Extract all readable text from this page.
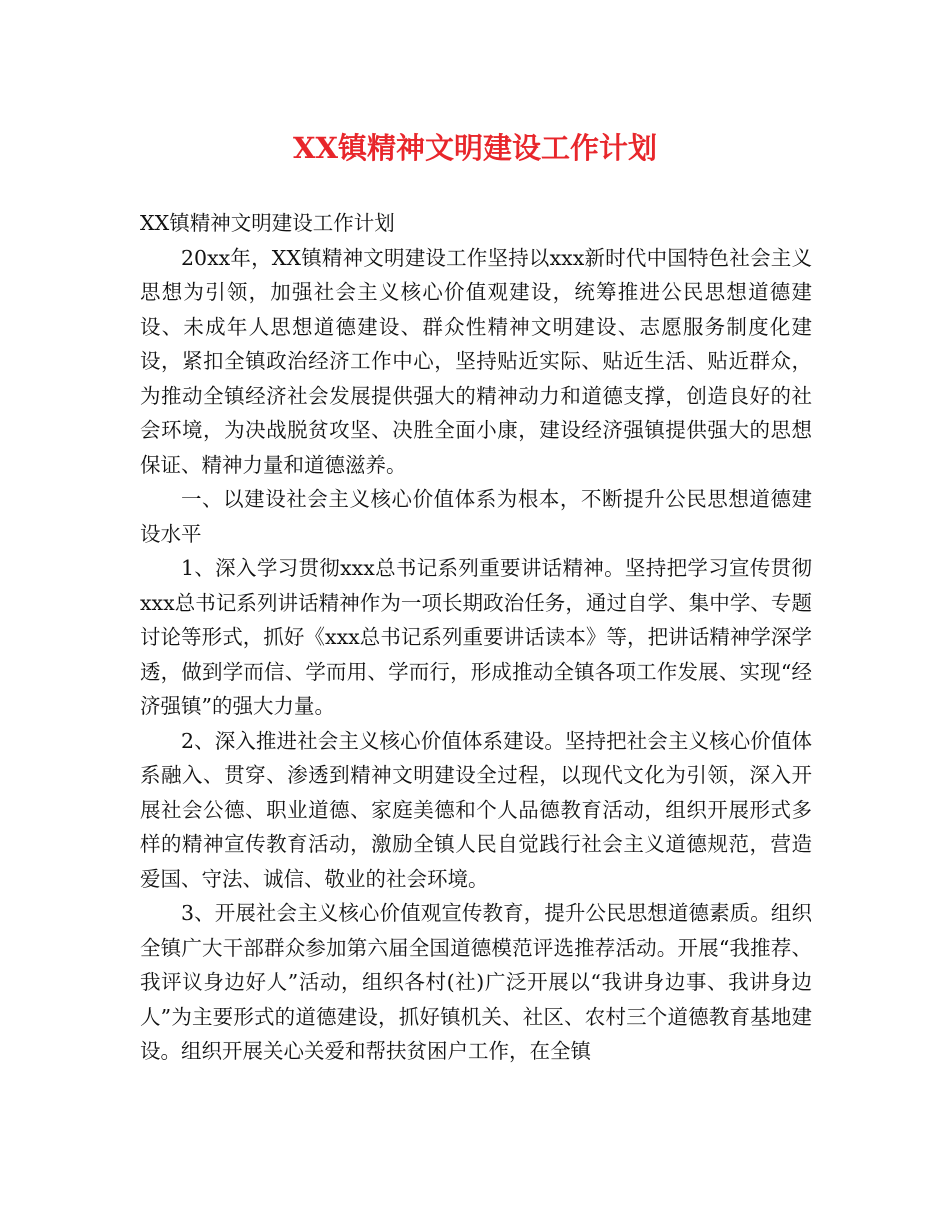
XX镇精神文明建设工作计划

XX镇精神文明建设工作计划

20xx年，XX镇精神文明建设工作坚持以xxx新时代中国特色社会主义思想为引领，加强社会主义核心价值观建设，统筹推进公民思想道德建设、未成年人思想道德建设、群众性精神文明建设、志愿服务制度化建设，紧扣全镇政治经济工作中心，坚持贴近实际、贴近生活、贴近群众，为推动全镇经济社会发展提供强大的精神动力和道德支撑，创造良好的社会环境，为决战脱贫攻坚、决胜全面小康，建设经济强镇提供强大的思想保证、精神力量和道德滋养。

一、以建设社会主义核心价值体系为根本，不断提升公民思想道德建设水平

1、深入学习贯彻xxx总书记系列重要讲话精神。坚持把学习宣传贯彻xxx总书记系列讲话精神作为一项长期政治任务，通过自学、集中学、专题讨论等形式，抓好《xxx总书记系列重要讲话读本》等，把讲话精神学深学透，做到学而信、学而用、学而行，形成推动全镇各项工作发展、实现“经济强镇”的强大力量。

2、深入推进社会主义核心价值体系建设。坚持把社会主义核心价值体系融入、贯穿、渗透到精神文明建设全过程，以现代文化为引领，深入开展社会公德、职业道德、家庭美德和个人品德教育活动，组织开展形式多样的精神宣传教育活动，激励全镇人民自觉践行社会主义道德规范，营造爱国、守法、诚信、敬业的社会环境。

3、开展社会主义核心价值观宣传教育，提升公民思想道德素质。组织全镇广大干部群众参加第六届全国道德模范评选推荐活动。开展“我推荐、我评议身边好人”活动，组织各村(社)广泛开展以“我讲身边事、我讲身边人”为主要形式的道德建设，抓好镇机关、社区、农村三个道德教育基地建设。组织开展关心关爱和帮扶贫困户工作，在全镇
